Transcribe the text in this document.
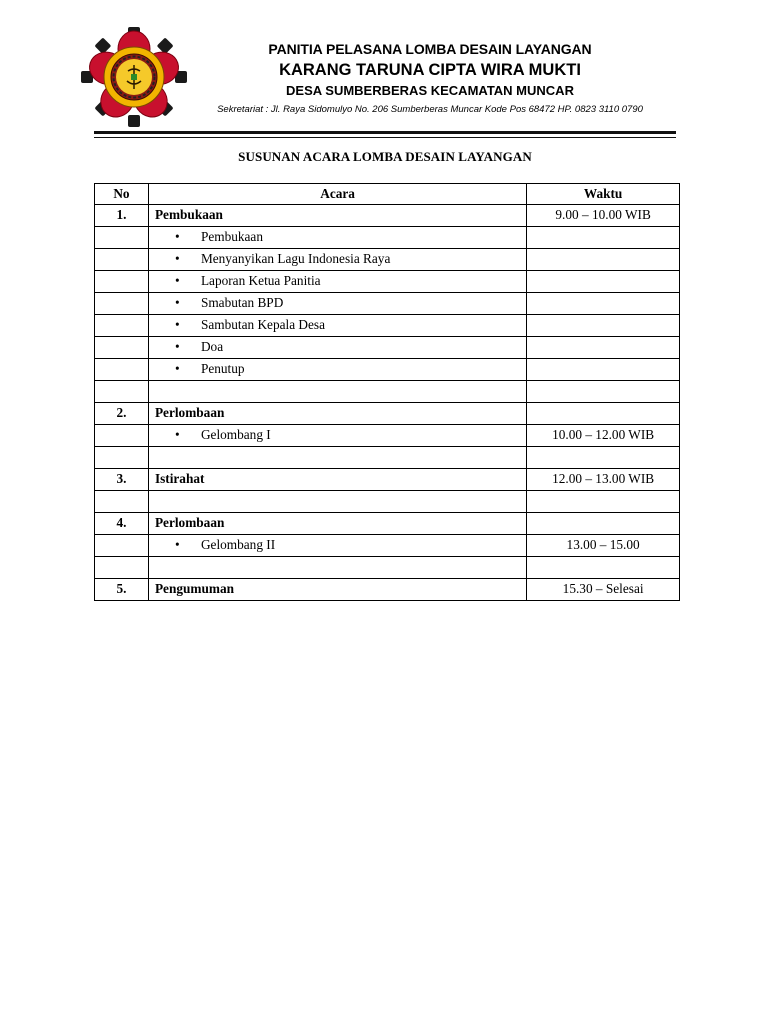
PANITIA PELASANA LOMBA DESAIN LAYANGAN
KARANG TARUNA CIPTA WIRA MUKTI
DESA SUMBERBERAS KECAMATAN MUNCAR
Sekretariat : Jl. Raya Sidomulyo No. 206 Sumberberas Muncar Kode Pos 68472 HP. 0823 3110 0790
SUSUNAN ACARA LOMBA DESAIN LAYANGAN
No	Acara	Waktu
1.	Pembukaan	9.00 – 10.00 WIB
	• Pembukaan	
	• Menyanyikan Lagu Indonesia Raya	
	• Laporan Ketua Panitia	
	• Smabutan BPD	
	• Sambutan Kepala Desa	
	• Doa	
	• Penutup	

2.	Perlombaan	
	• Gelombang I	10.00 – 12.00 WIB

3.	Istirahat	12.00 – 13.00 WIB

4.	Perlombaan	
	• Gelombang II	13.00 – 15.00

5.	Pengumuman	15.30 – Selesai
